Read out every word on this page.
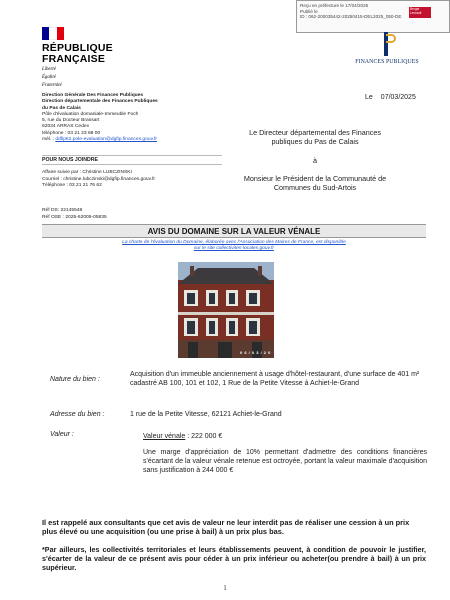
Reçu en préfecture le 17/04/2025
Publié le
ID : 062-200035442-20250415-DEL2025_050-DE
Berger Levrault
RÉPUBLIQUE
FRANÇAISE
Liberté
Égalité
Fraternité
FINANCES PUBLIQUES
Direction Générale Des Finances Publiques
Direction départementale des Finances Publiques
du Pas de Calais
Pôle d'évaluation domaniale-Immeuble Foch
5, rue du Docteur Brassart
62034 ARRAS Cedex
téléphone : 03 21 23 68 00
mél. : ddfip62.pole-evaluation@dgfip.finances.gouv.fr
POUR NOUS JOINDRE
Affaire suivie par : Christine LUBCZINSKI
Courriel : christine.lubczinski@dgfip.finances.gouv.fr
Téléphone : 03 21 21 76 62
Réf DS: 22145548
Réf OSE : 2025-62005-05835
Le 07/03/2025
Le Directeur départemental des Finances
publiques du Pas de Calais
à
Monsieur le Président de la Communauté de
Communes du Sud-Artois
AVIS DU DOMAINE SUR LA VALEUR VÉNALE
La charte de l'évaluation du Domaine, élaborée avec l'Association des Maires de France, est disponible
sur le site collectivites-locales.gouv.fr
0 6 / 0 3 / 2 0
Nature du bien :
Acquisition d'un immeuble anciennement à usage d'hôtel-restaurant, d'une surface de 401 m² cadastré AB 100, 101 et 102, 1 Rue de la Petite Vitesse à Achiet-le-Grand
Adresse du bien :	1 rue de la Petite Vitesse, 62121 Achiet-le-Grand
Valeur :	Valeur vénale : 222 000 €
Une marge d'appréciation de 10% permettant d'admettre des conditions financières s'écartant de la valeur vénale retenue est octroyée, portant la valeur maximale d'acquisition sans justification à 244 000 €
Il est rappelé aux consultants que cet avis de valeur ne leur interdit pas de réaliser une cession à un prix plus élevé ou une acquisition (ou une prise à bail) à un prix plus bas.
*Par ailleurs, les collectivités territoriales et leurs établissements peuvent, à condition de pouvoir le justifier, s'écarter de la valeur de ce présent avis pour céder à un prix inférieur ou acheter(ou prendre à bail) à un prix supérieur.
1
